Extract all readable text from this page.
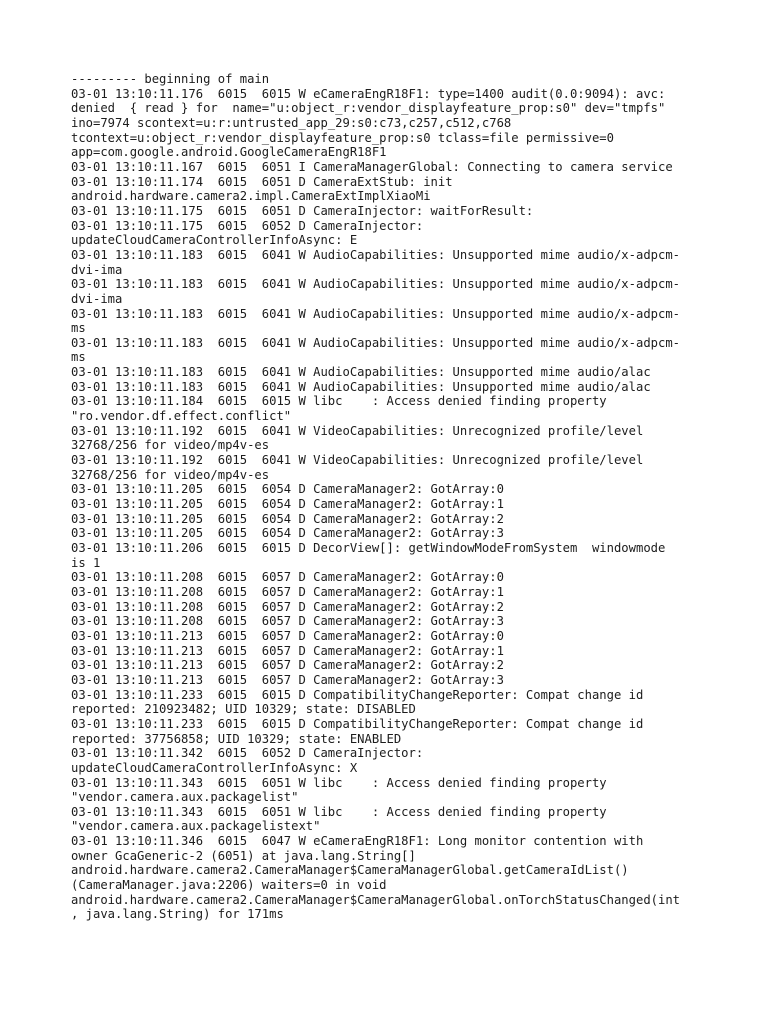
--------- beginning of main
03-01 13:10:11.176  6015  6015 W eCameraEngR18F1: type=1400 audit(0.0:9094): avc:
denied  { read } for  name="u:object_r:vendor_displayfeature_prop:s0" dev="tmpfs"
ino=7974 scontext=u:r:untrusted_app_29:s0:c73,c257,c512,c768
tcontext=u:object_r:vendor_displayfeature_prop:s0 tclass=file permissive=0
app=com.google.android.GoogleCameraEngR18F1
03-01 13:10:11.167  6015  6051 I CameraManagerGlobal: Connecting to camera service
03-01 13:10:11.174  6015  6051 D CameraExtStub: init
android.hardware.camera2.impl.CameraExtImplXiaoMi
03-01 13:10:11.175  6015  6051 D CameraInjector: waitForResult:
03-01 13:10:11.175  6015  6052 D CameraInjector:
updateCloudCameraControllerInfoAsync: E
03-01 13:10:11.183  6015  6041 W AudioCapabilities: Unsupported mime audio/x-adpcm-
dvi-ima
03-01 13:10:11.183  6015  6041 W AudioCapabilities: Unsupported mime audio/x-adpcm-
dvi-ima
03-01 13:10:11.183  6015  6041 W AudioCapabilities: Unsupported mime audio/x-adpcm-
ms
03-01 13:10:11.183  6015  6041 W AudioCapabilities: Unsupported mime audio/x-adpcm-
ms
03-01 13:10:11.183  6015  6041 W AudioCapabilities: Unsupported mime audio/alac
03-01 13:10:11.183  6015  6041 W AudioCapabilities: Unsupported mime audio/alac
03-01 13:10:11.184  6015  6015 W libc    : Access denied finding property
"ro.vendor.df.effect.conflict"
03-01 13:10:11.192  6015  6041 W VideoCapabilities: Unrecognized profile/level
32768/256 for video/mp4v-es
03-01 13:10:11.192  6015  6041 W VideoCapabilities: Unrecognized profile/level
32768/256 for video/mp4v-es
03-01 13:10:11.205  6015  6054 D CameraManager2: GotArray:0
03-01 13:10:11.205  6015  6054 D CameraManager2: GotArray:1
03-01 13:10:11.205  6015  6054 D CameraManager2: GotArray:2
03-01 13:10:11.205  6015  6054 D CameraManager2: GotArray:3
03-01 13:10:11.206  6015  6015 D DecorView[]: getWindowModeFromSystem  windowmode
is 1
03-01 13:10:11.208  6015  6057 D CameraManager2: GotArray:0
03-01 13:10:11.208  6015  6057 D CameraManager2: GotArray:1
03-01 13:10:11.208  6015  6057 D CameraManager2: GotArray:2
03-01 13:10:11.208  6015  6057 D CameraManager2: GotArray:3
03-01 13:10:11.213  6015  6057 D CameraManager2: GotArray:0
03-01 13:10:11.213  6015  6057 D CameraManager2: GotArray:1
03-01 13:10:11.213  6015  6057 D CameraManager2: GotArray:2
03-01 13:10:11.213  6015  6057 D CameraManager2: GotArray:3
03-01 13:10:11.233  6015  6015 D CompatibilityChangeReporter: Compat change id
reported: 210923482; UID 10329; state: DISABLED
03-01 13:10:11.233  6015  6015 D CompatibilityChangeReporter: Compat change id
reported: 37756858; UID 10329; state: ENABLED
03-01 13:10:11.342  6015  6052 D CameraInjector:
updateCloudCameraControllerInfoAsync: X
03-01 13:10:11.343  6015  6051 W libc    : Access denied finding property
"vendor.camera.aux.packagelist"
03-01 13:10:11.343  6015  6051 W libc    : Access denied finding property
"vendor.camera.aux.packagelistext"
03-01 13:10:11.346  6015  6047 W eCameraEngR18F1: Long monitor contention with
owner GcaGeneric-2 (6051) at java.lang.String[]
android.hardware.camera2.CameraManager$CameraManagerGlobal.getCameraIdList()
(CameraManager.java:2206) waiters=0 in void
android.hardware.camera2.CameraManager$CameraManagerGlobal.onTorchStatusChanged(int
, java.lang.String) for 171ms
